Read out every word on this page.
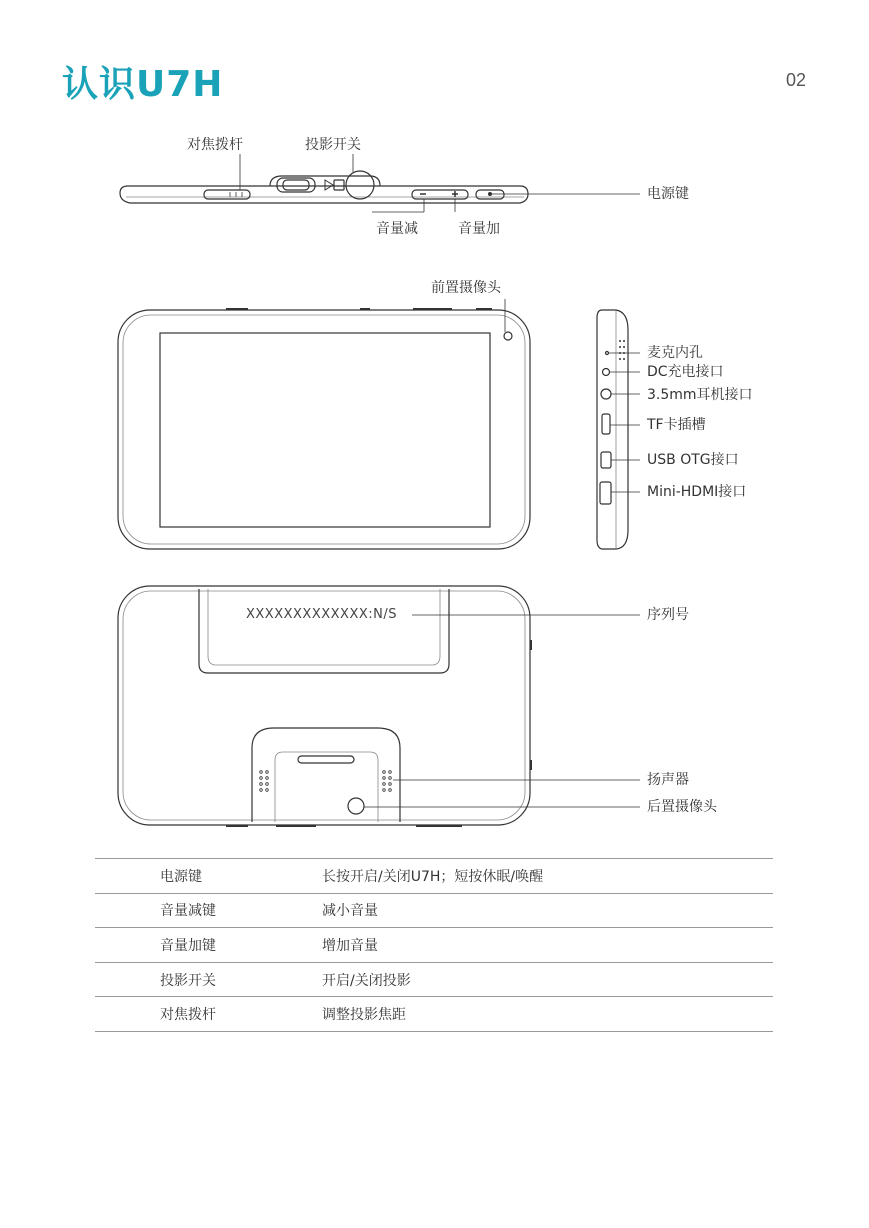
认识U7H	02
对焦拨杆	投影开关
电源键
音量减	音量加
前置摄像头
麦克内孔
DC充电接口
3.5mm耳机接口
TF卡插槽
USB OTG接口
Mini-HDMI接口
XXXXXXXXXXXXX:N/S	序列号
扬声器
后置摄像头
电源键	长按开启/关闭U7H；短按休眠/唤醒
音量减键	减小音量
音量加键	增加音量
投影开关	开启/关闭投影
对焦拨杆	调整投影焦距
